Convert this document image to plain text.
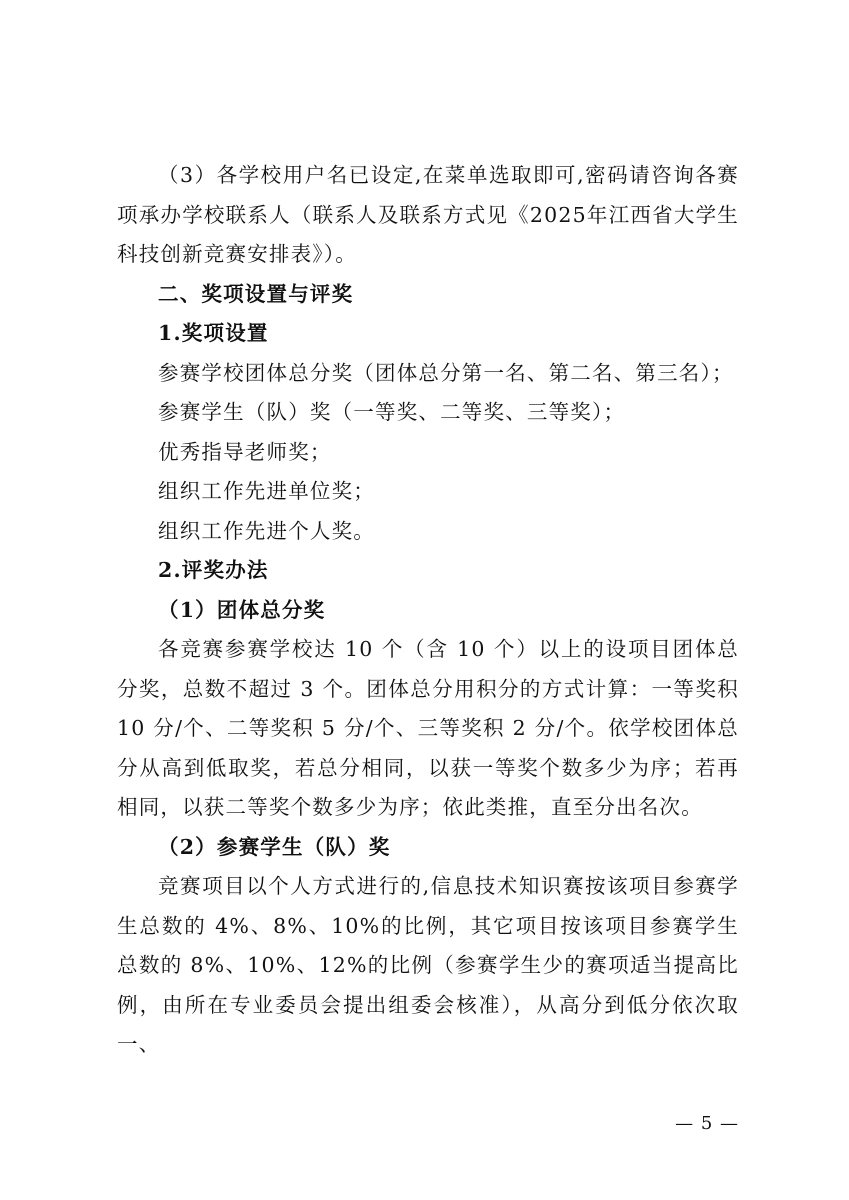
（3）各学校用户名已设定,在菜单选取即可,密码请咨询各赛项承办学校联系人（联系人及联系方式见《2025年江西省大学生科技创新竞赛安排表》）。

二、奖项设置与评奖

1.奖项设置

参赛学校团体总分奖（团体总分第一名、第二名、第三名）；

参赛学生（队）奖（一等奖、二等奖、三等奖）；

优秀指导老师奖；

组织工作先进单位奖；

组织工作先进个人奖。

2.评奖办法

（1）团体总分奖

各竞赛参赛学校达 10 个（含 10 个）以上的设项目团体总分奖，总数不超过 3 个。团体总分用积分的方式计算：一等奖积 10 分/个、二等奖积 5 分/个、三等奖积 2 分/个。依学校团体总分从高到低取奖，若总分相同，以获一等奖个数多少为序；若再相同，以获二等奖个数多少为序；依此类推，直至分出名次。

（2）参赛学生（队）奖

竞赛项目以个人方式进行的,信息技术知识赛按该项目参赛学生总数的 4%、8%、10%的比例，其它项目按该项目参赛学生总数的 8%、10%、12%的比例（参赛学生少的赛项适当提高比例，由所在专业委员会提出组委会核准），从高分到低分依次取一、

— 5 —
